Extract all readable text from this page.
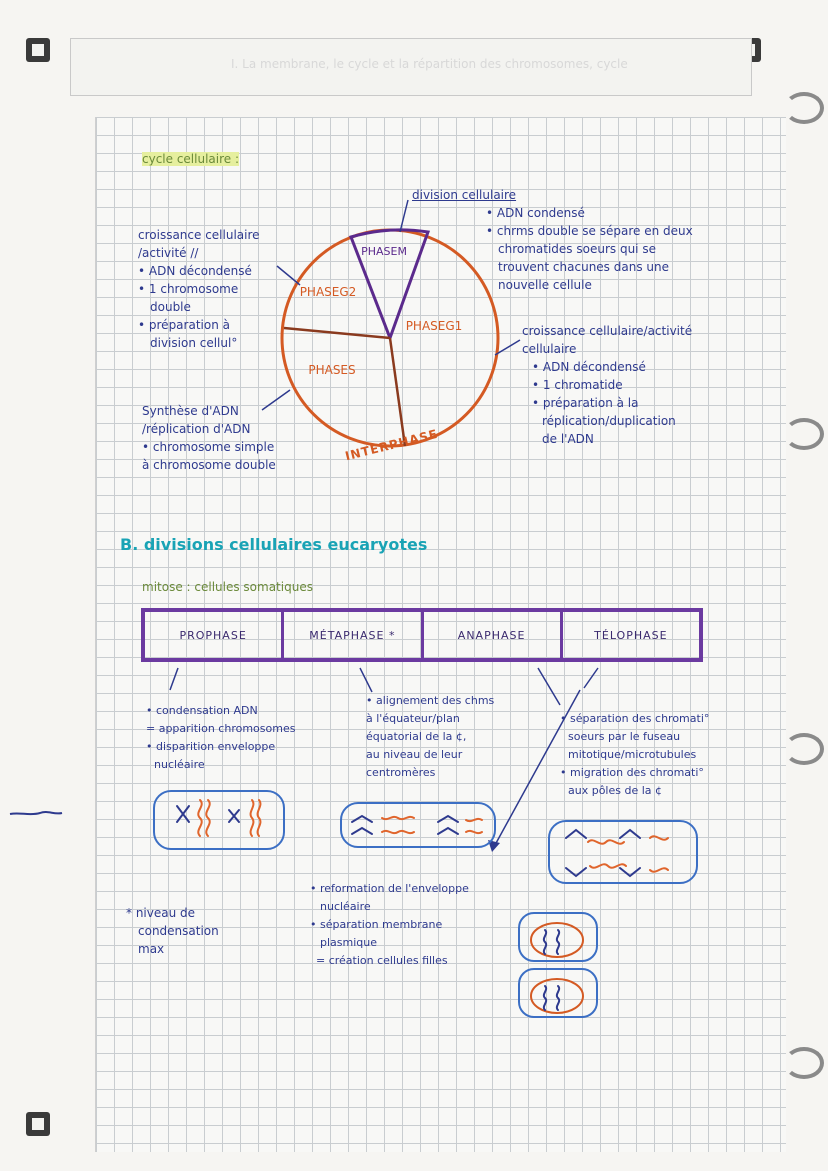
I. La membrane, le cycle et la répartition des chromosomes, cycle
cycle cellulaire :
PHASEM
PHASEG2
PHASEG1
PHASES
INTERPHASE
division cellulaire
• ADN condensé
• chrms double se sépare en deux
chromatides soeurs qui se
trouvent chacunes dans une
nouvelle cellule
croissance cellulaire
/activité //
• ADN décondensé
• 1 chromosome
double
• préparation à
division cellul°
croissance cellulaire/activité
cellulaire
• ADN décondensé
• 1 chromatide
• préparation à la
réplication/duplication
de l'ADN
Synthèse d'ADN
/réplication d'ADN
• chromosome simple
à chromosome double
B. divisions cellulaires eucaryotes
mitose : cellules somatiques
PROPHASE	MÉTAPHASE *	ANAPHASE	TÉLOPHASE
• condensation ADN
= apparition chromosomes
• disparition enveloppe
nucléaire
• alignement des chms
à l'équateur/plan
équatorial de la ¢,
au niveau de leur
centromères
• séparation des chromati°
soeurs par le fuseau
mitotique/microtubules
• migration des chromati°
aux pôles de la ¢
• reformation de l'enveloppe
nucléaire
• séparation membrane
plasmique
= création cellules filles
* niveau de
condensation
max
